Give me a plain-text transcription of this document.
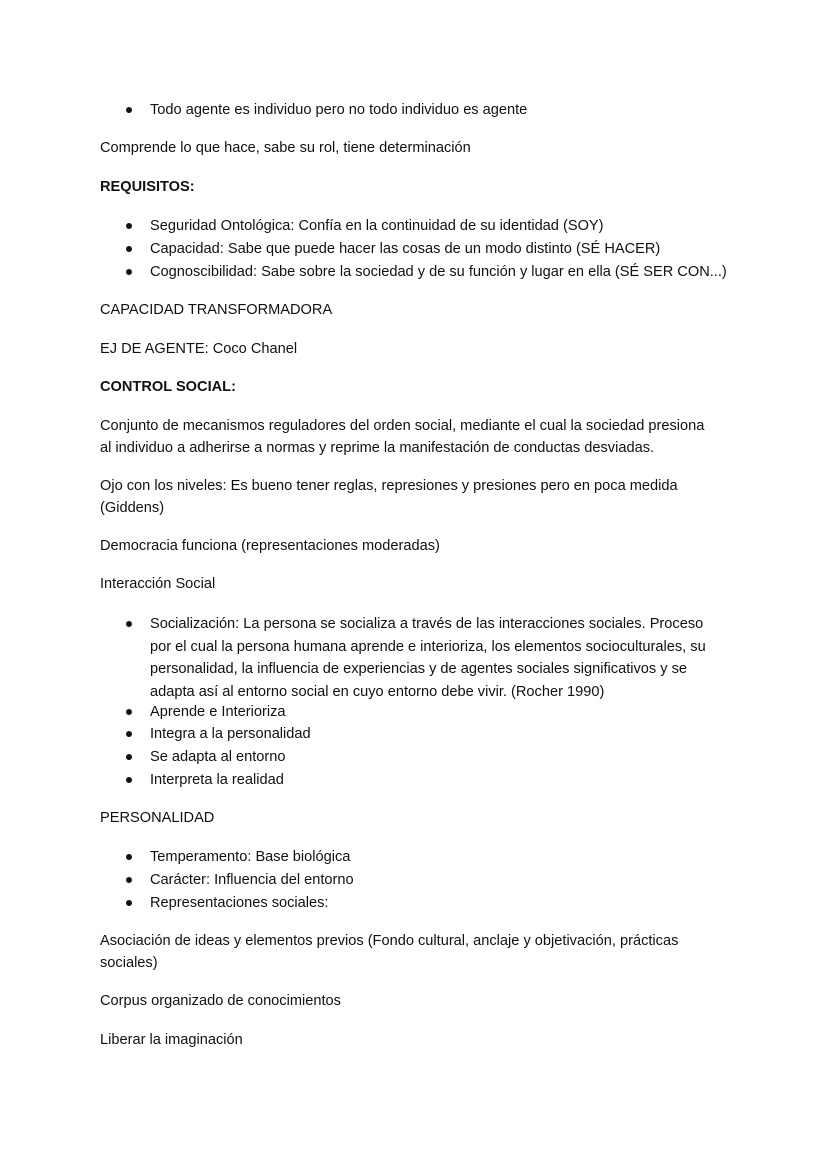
Todo agente es individuo pero no todo individuo es agente
Comprende lo que hace, sabe su rol, tiene determinación
REQUISITOS:
Seguridad Ontológica: Confía en la continuidad de su identidad (SOY)
Capacidad: Sabe que puede hacer las cosas de un modo distinto (SÉ HACER)
Cognoscibilidad: Sabe sobre la sociedad y de su función y lugar en ella (SÉ SER CON...)
CAPACIDAD TRANSFORMADORA
EJ DE AGENTE: Coco Chanel
CONTROL SOCIAL:
Conjunto de mecanismos reguladores del orden social, mediante el cual la sociedad presiona
al individuo a adherirse a normas y reprime la manifestación de conductas desviadas.
Ojo con los niveles: Es bueno tener reglas, represiones y presiones pero en poca medida
(Giddens)
Democracia funciona (representaciones moderadas)
Interacción Social
Socialización: La persona se socializa a través de las interacciones sociales. Proceso
por el cual la persona humana aprende e interioriza, los elementos socioculturales, su
personalidad, la influencia de experiencias y de agentes sociales significativos y se
adapta así al entorno social en cuyo entorno debe vivir. (Rocher 1990)
Aprende e Interioriza
Integra a la personalidad
Se adapta al entorno
Interpreta la realidad
PERSONALIDAD
Temperamento: Base biológica
Carácter: Influencia del entorno
Representaciones sociales:
Asociación de ideas y elementos previos (Fondo cultural, anclaje y objetivación, prácticas
sociales)
Corpus organizado de conocimientos
Liberar la imaginación
